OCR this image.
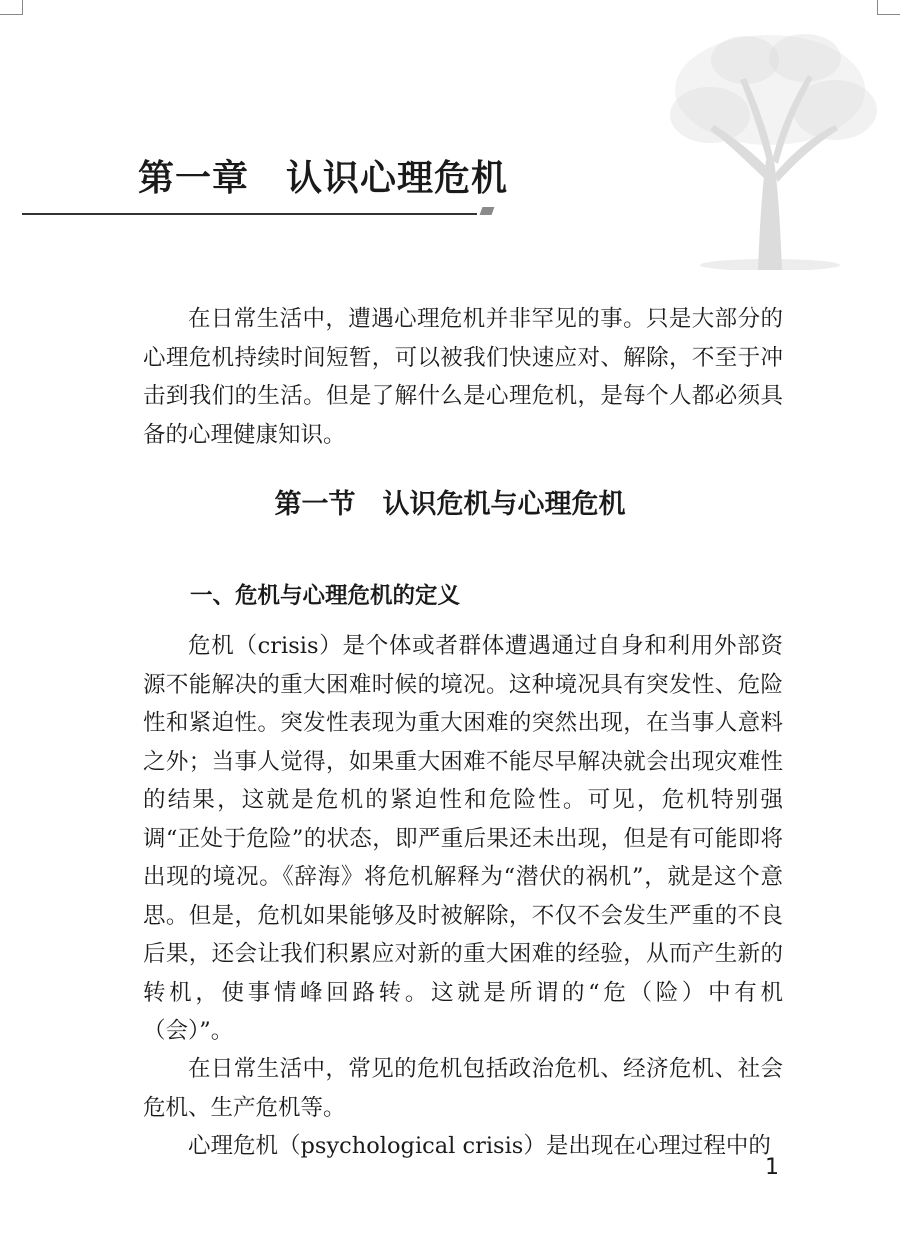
第一章　认识心理危机

在日常生活中，遭遇心理危机并非罕见的事。只是大部分的心理危机持续时间短暂，可以被我们快速应对、解除，不至于冲击到我们的生活。但是了解什么是心理危机，是每个人都必须具备的心理健康知识。

第一节　认识危机与心理危机
一、危机与心理危机的定义

危机（crisis）是个体或者群体遭遇通过自身和利用外部资源不能解决的重大困难时候的境况。这种境况具有突发性、危险性和紧迫性。突发性表现为重大困难的突然出现，在当事人意料之外；当事人觉得，如果重大困难不能尽早解决就会出现灾难性的结果，这就是危机的紧迫性和危险性。可见，危机特别强调“正处于危险”的状态，即严重后果还未出现，但是有可能即将出现的境况。《辞海》将危机解释为“潜伏的祸机”，就是这个意思。但是，危机如果能够及时被解除，不仅不会发生严重的不良后果，还会让我们积累应对新的重大困难的经验，从而产生新的转机，使事情峰回路转。这就是所谓的“危（险）中有机（会）”。

在日常生活中，常见的危机包括政治危机、经济危机、社会危机、生产危机等。

心理危机（psychological crisis）是出现在心理过程中的

1
